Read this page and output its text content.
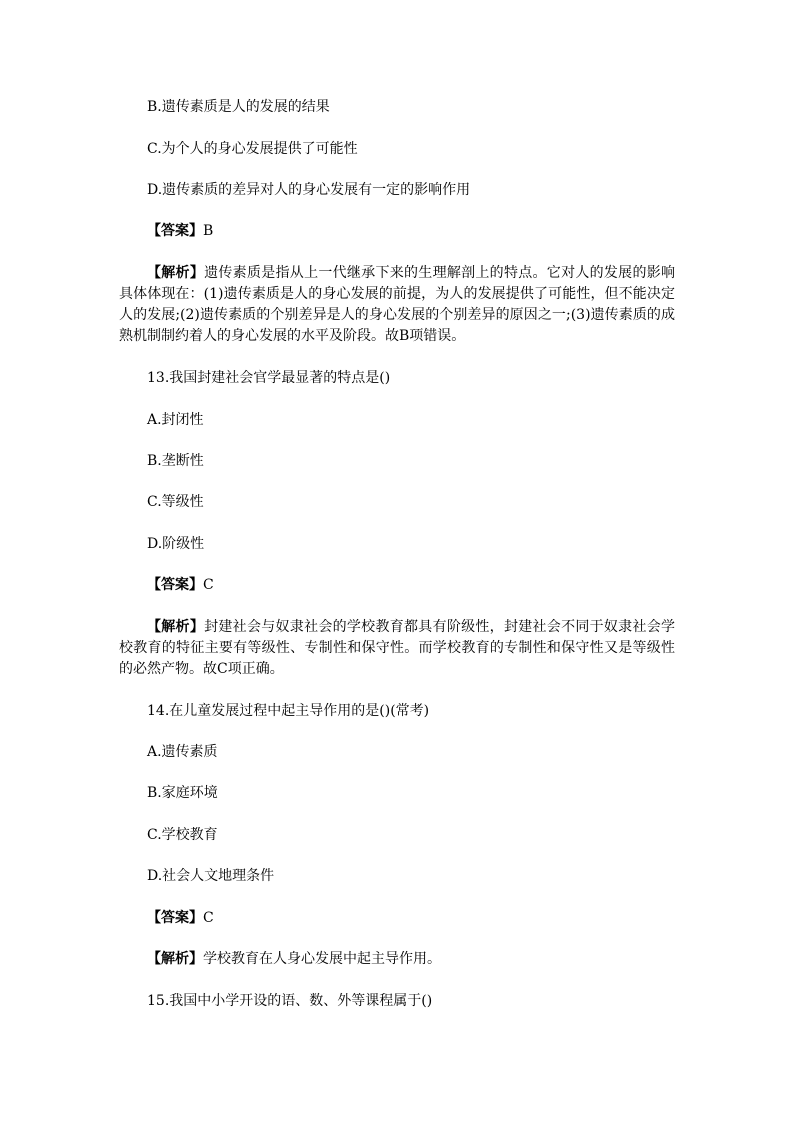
B.遗传素质是人的发展的结果
C.为个人的身心发展提供了可能性
D.遗传素质的差异对人的身心发展有一定的影响作用
【答案】B
【解析】遗传素质是指从上一代继承下来的生理解剖上的特点。它对人的发展的影响具体体现在：(1)遗传素质是人的身心发展的前提，为人的发展提供了可能性，但不能决定人的发展;(2)遗传素质的个别差异是人的身心发展的个别差异的原因之一;(3)遗传素质的成熟机制制约着人的身心发展的水平及阶段。故B项错误。
13.我国封建社会官学最显著的特点是()
A.封闭性
B.垄断性
C.等级性
D.阶级性
【答案】C
【解析】封建社会与奴隶社会的学校教育都具有阶级性，封建社会不同于奴隶社会学校教育的特征主要有等级性、专制性和保守性。而学校教育的专制性和保守性又是等级性的必然产物。故C项正确。
14.在儿童发展过程中起主导作用的是()(常考)
A.遗传素质
B.家庭环境
C.学校教育
D.社会人文地理条件
【答案】C
【解析】学校教育在人身心发展中起主导作用。
15.我国中小学开设的语、数、外等课程属于()
